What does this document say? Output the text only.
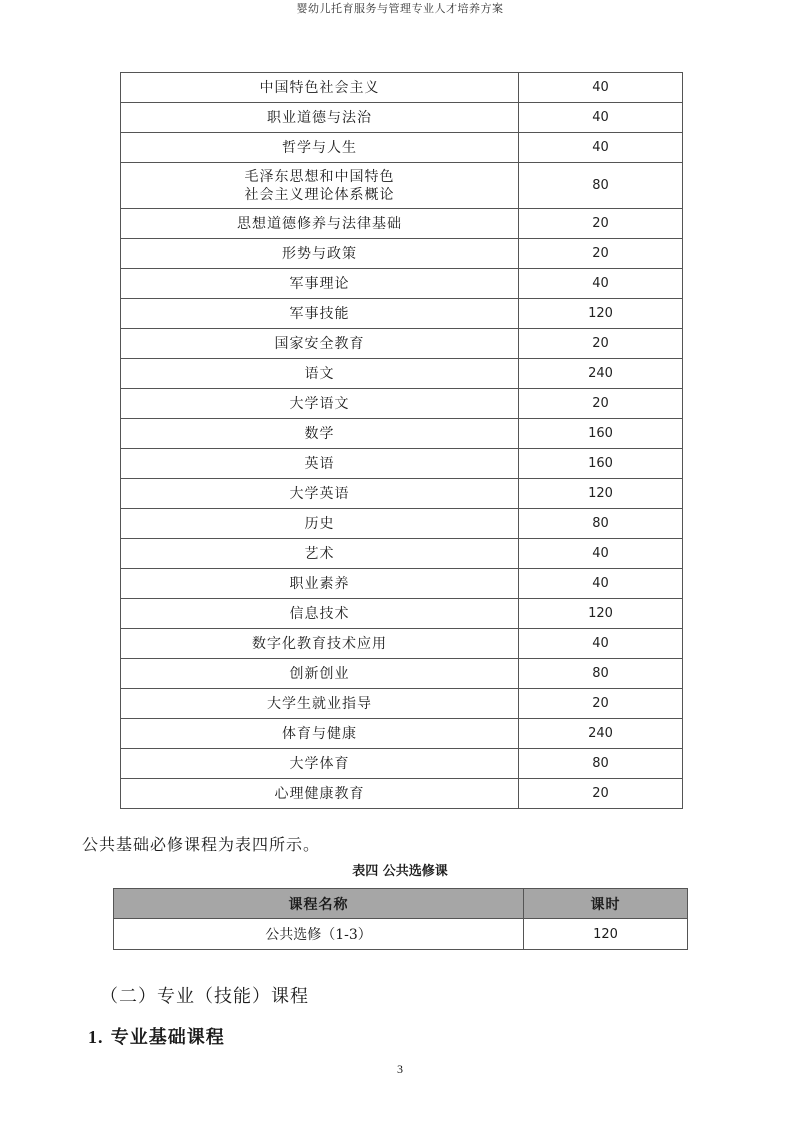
婴幼儿托育服务与管理专业人才培养方案
中国特色社会主义	40
职业道德与法治	40
哲学与人生	40

毛泽东思想和中国特色
社会主义理论体系概论	80
思想道德修养与法律基础	20
形势与政策	20
军事理论	40
军事技能	120
国家安全教育	20
语文	240
大学语文	20
数学	160
英语	160
大学英语	120
历史	80
艺术	40
职业素养	40
信息技术	120
数字化教育技术应用	40
创新创业	80
大学生就业指导	20
体育与健康	240
大学体育	80
心理健康教育	20
公共基础必修课程为表四所示。
表四 公共选修课
课程名称	课时
公共选修（1-3）	120
（二）专业（技能）课程
1. 专业基础课程
3
